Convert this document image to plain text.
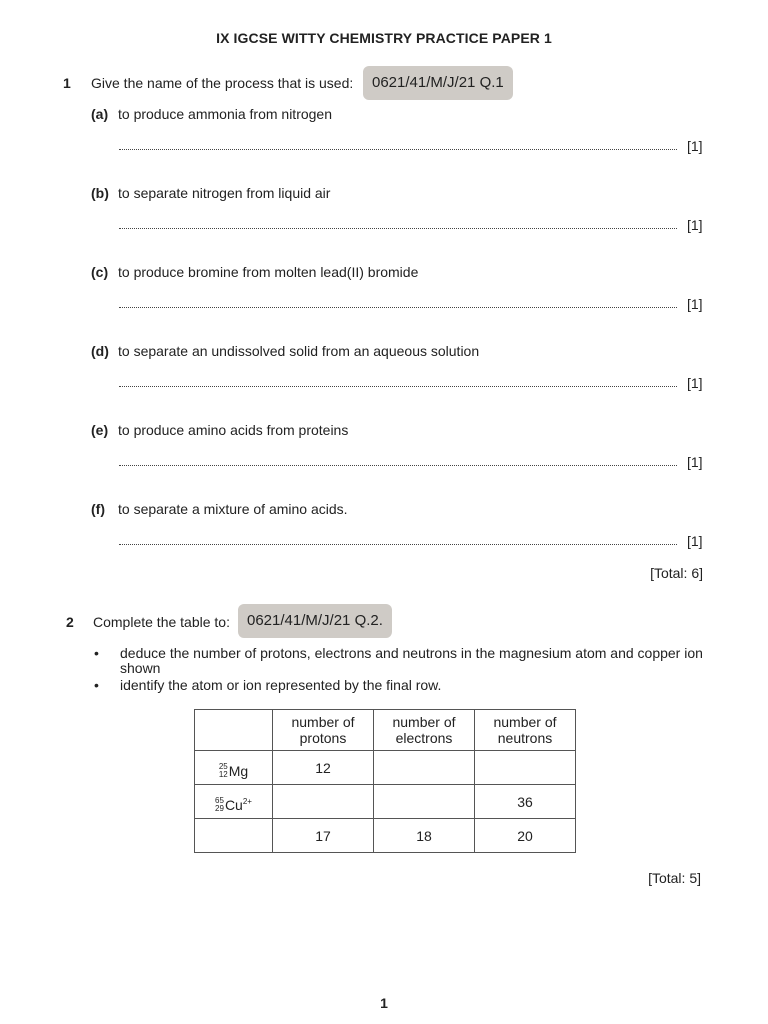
IX IGCSE WITTY CHEMISTRY PRACTICE PAPER 1
1 Give the name of the process that is used:	0621/41/M/J/21 Q.1
(a) to produce ammonia from nitrogen
[1]
(b) to separate nitrogen from liquid air
[1]
(c) to produce bromine from molten lead(II) bromide
[1]
(d) to separate an undissolved solid from an aqueous solution
[1]
(e) to produce amino acids from proteins
[1]
(f) to separate a mixture of amino acids.
[1]
[Total: 6]
2 Complete the table to:	0621/41/M/J/21 Q.2.
• deduce the number of protons, electrons and neutrons in the magnesium atom and copper ion shown
• identify the atom or ion represented by the final row.
	number of protons	number of electrons	number of neutrons

25
12 Mg	12		

65
29 Cu 2+			36

	17	18	20
[Total: 5]
1
